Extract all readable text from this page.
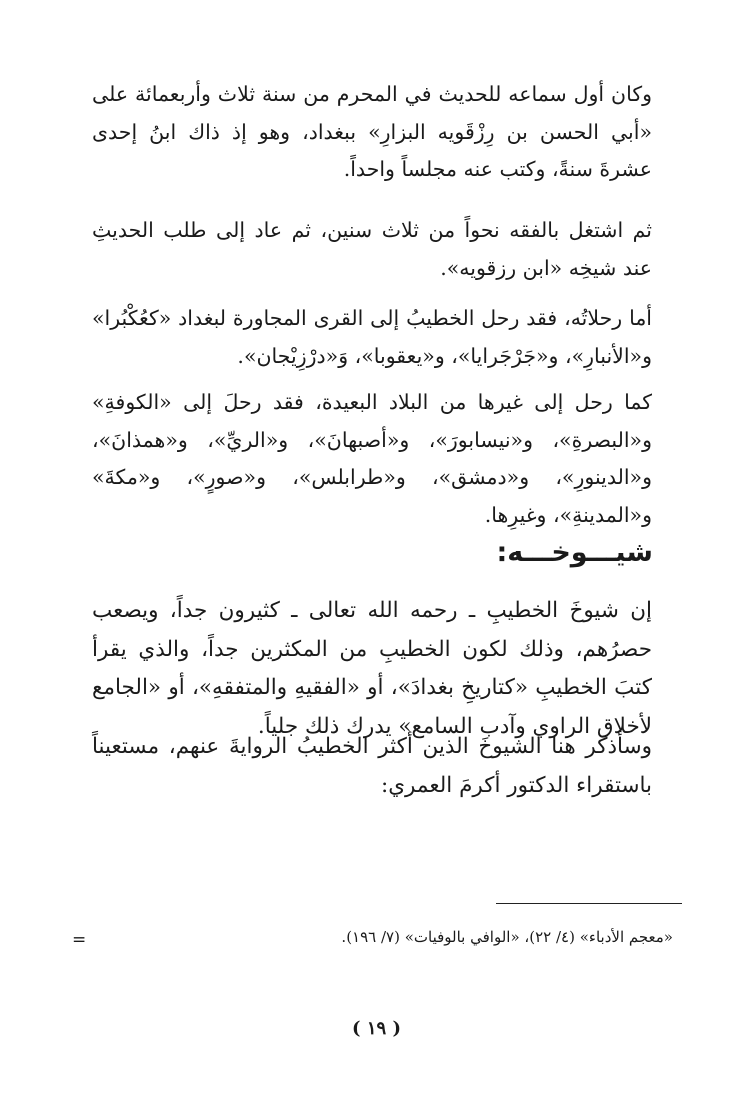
وكان أول سماعه للحديث في المحرم من سنة ثلاث وأربعمائة على «أبي الحسن بن رِزْقَويه البزارِ» ببغداد، وهو إذ ذاك ابنُ إحدى عشرةَ سنةً، وكتب عنه مجلساً واحداً.

ثم اشتغل بالفقه نحواً من ثلاث سنين، ثم عاد إلى طلب الحديثِ عند شيخِه «ابن رزقويه».

أما رحلاتُه، فقد رحل الخطيبُ إلى القرى المجاورة لبغداد «كعُكْبُرا» و«الأنبارِ»، و«جَرْجَرايا»، و«يعقوبا»، وَ«درْزِيْجان».

كما رحل إلى غيرها من البلاد البعيدة، فقد رحلَ إلى «الكوفةِ» و«البصرةِ»، و«نيسابورَ»، و«أصبهانَ»، و«الريِّ»، و«همذانَ»، و«الدينورِ»، و«دمشق»، و«طرابلس»، و«صورٍ»، و«مكةَ» و«المدينةِ»، وغيرِها.

شيـــوخـــه:

إن شيوخَ الخطيبِ ـ رحمه الله تعالى ـ كثيرون جداً، ويصعب حصرُهم، وذلك لكون الخطيبِ من المكثرين جداً، والذي يقرأ كتبَ الخطيبِ «كتاريخِ بغدادَ»، أو «الفقيهِ والمتفقهِ»، أو «الجامع لأخلاق الراوي وآدب السامع» يدرك ذلك جلياً.

وسأذكر هنا الشيوخَ الذين أكثر الخطيبُ الروايةَ عنهم، مستعيناً باستقراء الدكتور أكرمَ العمري:

«معجم الأدباء» (٤/ ٢٢)، «الوافي بالوفيات» (٧/ ١٩٦).
=
( ١٩ )
